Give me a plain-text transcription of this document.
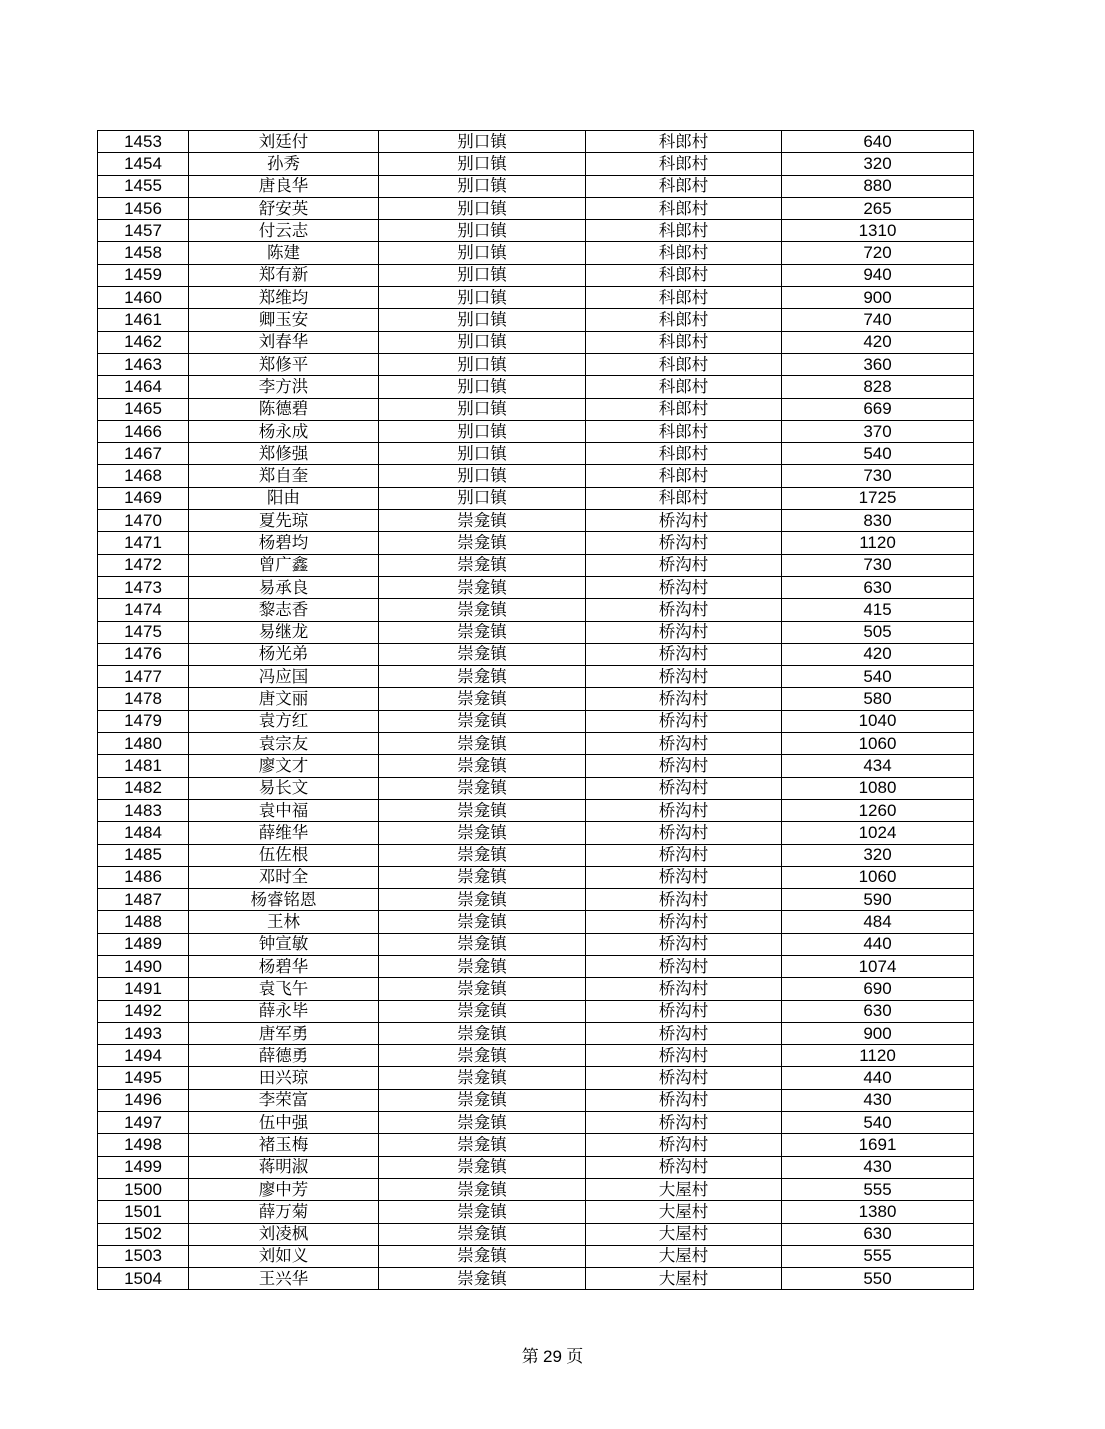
1453	刘廷付	别口镇	科郎村	640
1454	孙秀	别口镇	科郎村	320
1455	唐良华	别口镇	科郎村	880
1456	舒安英	别口镇	科郎村	265
1457	付云志	别口镇	科郎村	1310
1458	陈建	别口镇	科郎村	720
1459	郑有新	别口镇	科郎村	940
1460	郑维均	别口镇	科郎村	900
1461	卿玉安	别口镇	科郎村	740
1462	刘春华	别口镇	科郎村	420
1463	郑修平	别口镇	科郎村	360
1464	李方洪	别口镇	科郎村	828
1465	陈德碧	别口镇	科郎村	669
1466	杨永成	别口镇	科郎村	370
1467	郑修强	别口镇	科郎村	540
1468	郑自奎	别口镇	科郎村	730
1469	阳由	别口镇	科郎村	1725
1470	夏先琼	崇龛镇	桥沟村	830
1471	杨碧均	崇龛镇	桥沟村	1120
1472	曾广鑫	崇龛镇	桥沟村	730
1473	易承良	崇龛镇	桥沟村	630
1474	黎志香	崇龛镇	桥沟村	415
1475	易继龙	崇龛镇	桥沟村	505
1476	杨光弟	崇龛镇	桥沟村	420
1477	冯应国	崇龛镇	桥沟村	540
1478	唐文丽	崇龛镇	桥沟村	580
1479	袁方红	崇龛镇	桥沟村	1040
1480	袁宗友	崇龛镇	桥沟村	1060
1481	廖文才	崇龛镇	桥沟村	434
1482	易长文	崇龛镇	桥沟村	1080
1483	袁中福	崇龛镇	桥沟村	1260
1484	薛维华	崇龛镇	桥沟村	1024
1485	伍佐根	崇龛镇	桥沟村	320
1486	邓时全	崇龛镇	桥沟村	1060
1487	杨睿铭恩	崇龛镇	桥沟村	590
1488	王林	崇龛镇	桥沟村	484
1489	钟宣敏	崇龛镇	桥沟村	440
1490	杨碧华	崇龛镇	桥沟村	1074
1491	袁飞午	崇龛镇	桥沟村	690
1492	薛永毕	崇龛镇	桥沟村	630
1493	唐军勇	崇龛镇	桥沟村	900
1494	薛德勇	崇龛镇	桥沟村	1120
1495	田兴琼	崇龛镇	桥沟村	440
1496	李荣富	崇龛镇	桥沟村	430
1497	伍中强	崇龛镇	桥沟村	540
1498	褚玉梅	崇龛镇	桥沟村	1691
1499	蒋明淑	崇龛镇	桥沟村	430
1500	廖中芳	崇龛镇	大屋村	555
1501	薛万菊	崇龛镇	大屋村	1380
1502	刘凌枫	崇龛镇	大屋村	630
1503	刘如义	崇龛镇	大屋村	555
1504	王兴华	崇龛镇	大屋村	550
第 29 页
